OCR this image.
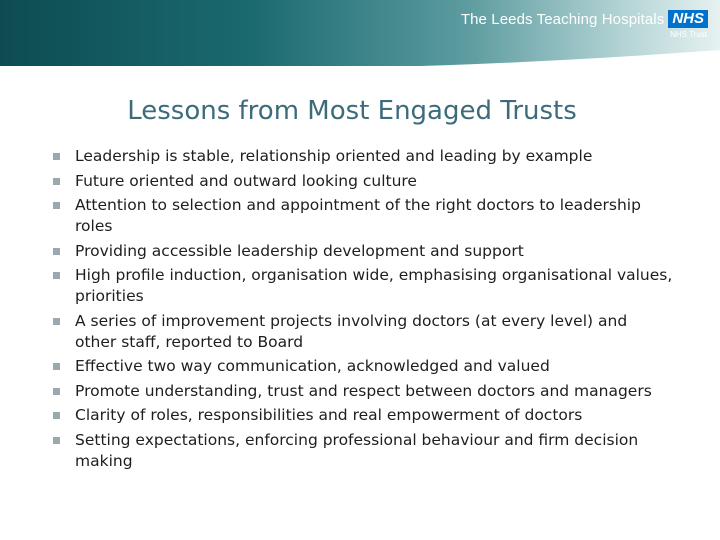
The Leeds Teaching Hospitals NHS
NHS Trust
Lessons from Most Engaged Trusts
Leadership is stable, relationship oriented and leading by example
Future oriented and outward looking culture
Attention to selection and appointment of the right doctors to leadership roles
Providing accessible leadership development and support
High profile induction, organisation wide, emphasising organisational values, priorities
A series of improvement projects involving doctors (at every level) and other staff, reported to Board
Effective two way communication, acknowledged and valued
Promote understanding, trust and respect between doctors and managers
Clarity of roles, responsibilities and real empowerment of doctors
Setting expectations, enforcing professional behaviour and firm decision making
